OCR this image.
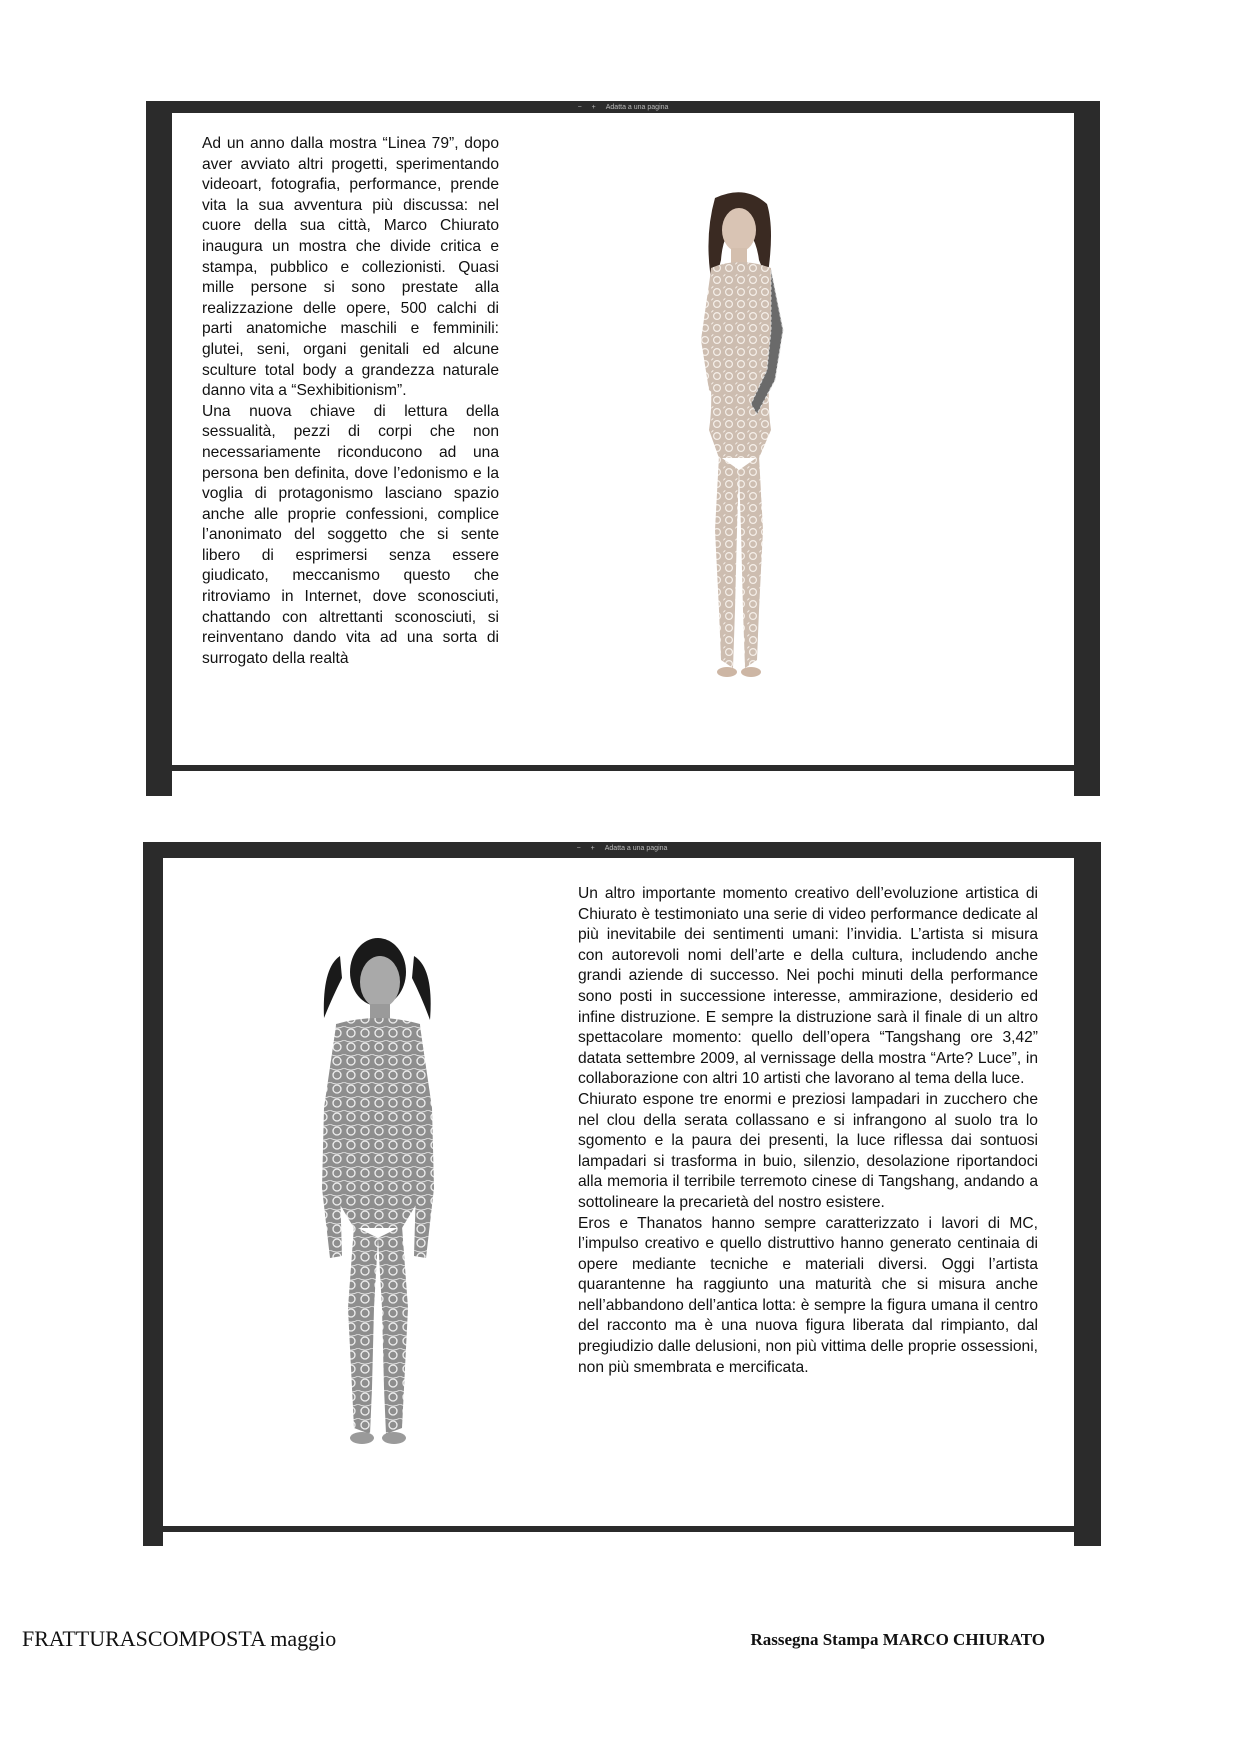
− + Adatta a una pagina

Ad un anno dalla mostra “Linea 79”, dopo aver avviato altri progetti, sperimentando videoart, fotografia, performance, prende vita la sua avventura più discussa: nel cuore della sua città, Marco Chiurato inaugura un mostra che divide critica e stampa, pubblico e collezionisti. Quasi mille persone si sono prestate alla realizzazione delle opere, 500 calchi di parti anatomiche maschili e femminili: glutei, seni, organi genitali ed alcune sculture total body a grandezza naturale danno vita a “Sexhibitionism”.

Una nuova chiave di lettura della sessualità, pezzi di corpi che non necessariamente riconducono ad una persona ben definita, dove l’edonismo e la voglia di protagonismo lasciano spazio anche alle proprie confessioni, complice l’anonimato del soggetto che si sente libero di esprimersi senza essere giudicato, meccanismo questo che ritroviamo in Internet, dove sconosciuti, chattando con altrettanti sconosciuti, si reinventano dando vita ad una sorta di surrogato della realtà

− + Adatta a una pagina

Un altro importante momento creativo dell’evoluzione artistica di Chiurato è testimoniato una serie di video performance dedicate al più inevitabile dei sentimenti umani: l’invidia. L’artista si misura con autorevoli nomi dell’arte e della cultura, includendo anche grandi aziende di successo. Nei pochi minuti della performance sono posti in successione interesse, ammirazione, desiderio ed infine distruzione. E sempre la distruzione sarà il finale di un altro spettacolare momento: quello dell’opera “Tangshang ore 3,42” datata settembre 2009, al vernissage della mostra “Arte? Luce”, in collaborazione con altri 10 artisti che lavorano al tema della luce.

Chiurato espone tre enormi e preziosi lampadari in zucchero che nel clou della serata collassano e si infrangono al suolo tra lo sgomento e la paura dei presenti, la luce riflessa dai sontuosi lampadari si trasforma in buio, silenzio, desolazione riportandoci alla memoria il terribile terremoto cinese di Tangshang, andando a sottolineare la precarietà del nostro esistere.

Eros e Thanatos hanno sempre caratterizzato i lavori di MC, l’impulso creativo e quello distruttivo hanno generato centinaia di opere mediante tecniche e materiali diversi. Oggi l’artista quarantenne ha raggiunto una maturità che si misura anche nell’abbandono dell’antica lotta: è sempre la figura umana il centro del racconto ma è una nuova figura liberata dal rimpianto, dal pregiudizio dalle delusioni, non più vittima delle proprie ossessioni, non più smembrata e mercificata.

FRATTURASCOMPOSTA maggio	Rassegna Stampa MARCO CHIURATO
